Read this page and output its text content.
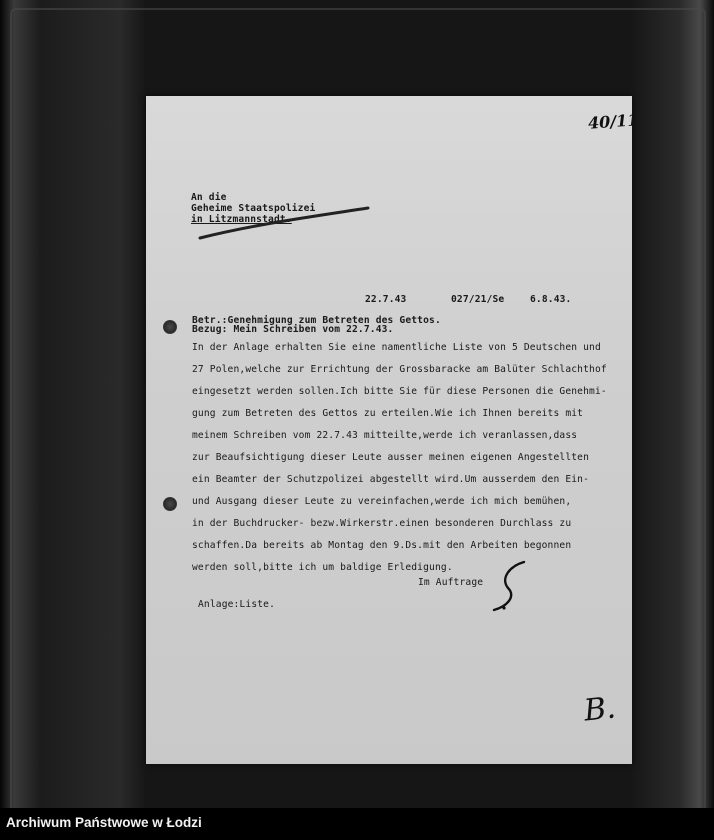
40/11
An die
Geheime Staatspolizei
in Litzmannstadt.
22.7.43	027/21/Se	6.8.43.
Betr.:Genehmigung zum Betreten des Gettos.
Bezug: Mein Schreiben vom 22.7.43.
In der Anlage erhalten Sie eine namentliche Liste von 5 Deutschen und
27 Polen,welche zur Errichtung der Grossbaracke am Balüter Schlachthof
eingesetzt werden sollen.Ich bitte Sie für diese Personen die Genehmi-
gung zum Betreten des Gettos zu erteilen.Wie ich Ihnen bereits mit
meinem Schreiben vom 22.7.43 mitteilte,werde ich veranlassen,dass
zur Beaufsichtigung dieser Leute ausser meinen eigenen Angestellten
ein Beamter der Schutzpolizei abgestellt wird.Um ausserdem den Ein-
und Ausgang dieser Leute zu vereinfachen,werde ich mich bemühen,
in der Buchdrucker- bezw.Wirkerstr.einen besonderen Durchlass zu
schaffen.Da bereits ab Montag den 9.Ds.mit den Arbeiten begonnen
werden soll,bitte ich um baldige Erledigung.
Im Auftrage
Anlage:Liste.
B.
Archiwum Państwowe w Łodzi
